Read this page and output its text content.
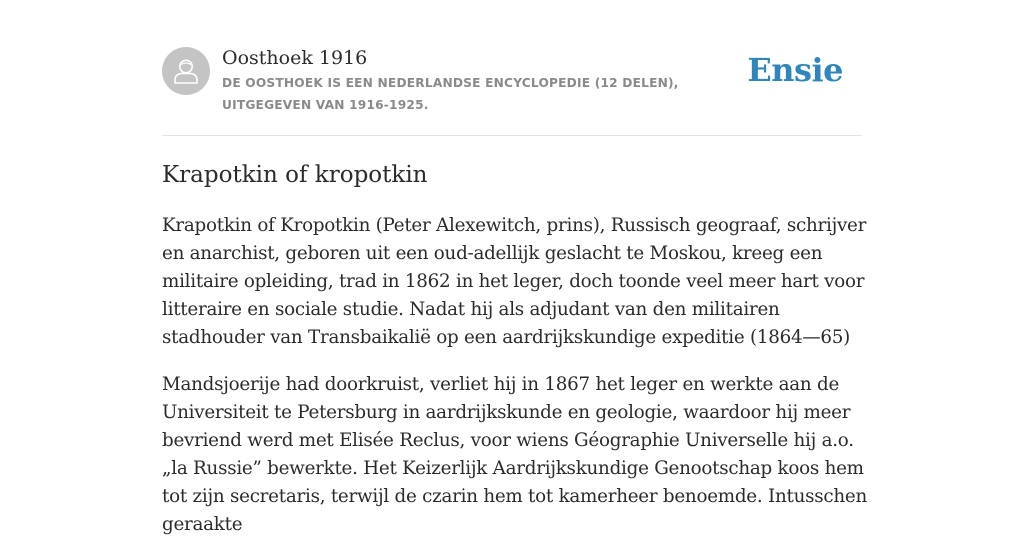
Oosthoek 1916
DE OOSTHOEK IS EEN NEDERLANDSE ENCYCLOPEDIE (12 DELEN), UITGEGEVEN VAN 1916-1925.
Ensie
Krapotkin of kropotkin

Krapotkin of Kropotkin (Peter Alexewitch, prins), Russisch geograaf, schrijver en anarchist, geboren uit een oud-adellijk geslacht te Moskou, kreeg een militaire opleiding, trad in 1862 in het leger, doch toonde veel meer hart voor litteraire en sociale studie. Nadat hij als adjudant van den militairen stadhouder van Transbaikalië op een aardrijkskundige expeditie (1864—65)

Mandsjoerije had doorkruist, verliet hij in 1867 het leger en werkte aan de Universiteit te Petersburg in aardrijkskunde en geologie, waardoor hij meer bevriend werd met Elisée Reclus, voor wiens Géographie Universelle hij a.o. „la Russie” bewerkte. Het Keizerlijk Aardrijkskundige Genootschap koos hem tot zijn secretaris, terwijl de czarin hem tot kamerheer benoemde. Intusschen geraakte
